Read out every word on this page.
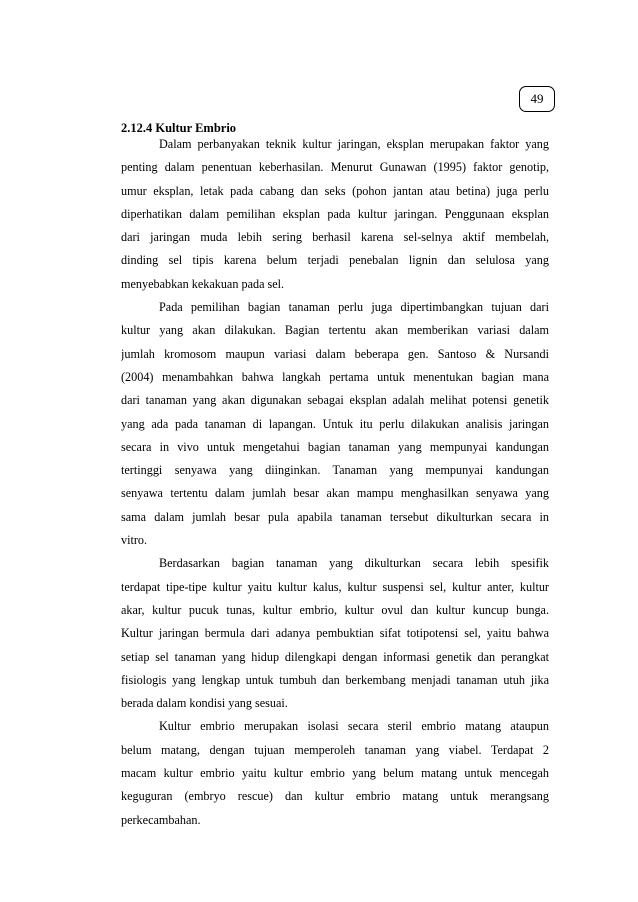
49
2.12.4 Kultur Embrio
Dalam perbanyakan teknik kultur jaringan, eksplan merupakan faktor yang
penting dalam penentuan keberhasilan. Menurut Gunawan (1995) faktor genotip,
umur eksplan, letak pada cabang dan seks (pohon jantan atau betina) juga perlu
diperhatikan dalam pemilihan eksplan pada kultur jaringan. Penggunaan eksplan
dari jaringan muda lebih sering berhasil karena sel-selnya aktif membelah,
dinding sel tipis karena belum terjadi penebalan lignin dan selulosa yang
menyebabkan kekakuan pada sel.
Pada pemilihan bagian tanaman perlu juga dipertimbangkan tujuan dari
kultur yang akan dilakukan. Bagian tertentu akan memberikan variasi dalam
jumlah kromosom maupun variasi dalam beberapa gen. Santoso & Nursandi
(2004) menambahkan bahwa langkah pertama untuk menentukan bagian mana
dari tanaman yang akan digunakan sebagai eksplan adalah melihat potensi genetik
yang ada pada tanaman di lapangan. Untuk itu perlu dilakukan analisis jaringan
secara in vivo untuk mengetahui bagian tanaman yang mempunyai kandungan
tertinggi senyawa yang diinginkan. Tanaman yang mempunyai kandungan
senyawa tertentu dalam jumlah besar akan mampu menghasilkan senyawa yang
sama dalam jumlah besar pula apabila tanaman tersebut dikulturkan secara in
vitro.
Berdasarkan bagian tanaman yang dikulturkan secara lebih spesifik
terdapat tipe-tipe kultur yaitu kultur kalus, kultur suspensi sel, kultur anter, kultur
akar, kultur pucuk tunas, kultur embrio, kultur ovul dan kultur kuncup bunga.
Kultur jaringan bermula dari adanya pembuktian sifat totipotensi sel, yaitu bahwa
setiap sel tanaman yang hidup dilengkapi dengan informasi genetik dan perangkat
fisiologis yang lengkap untuk tumbuh dan berkembang menjadi tanaman utuh jika
berada dalam kondisi yang sesuai.
Kultur embrio merupakan isolasi secara steril embrio matang ataupun
belum matang, dengan tujuan memperoleh tanaman yang viabel. Terdapat 2
macam kultur embrio yaitu kultur embrio yang belum matang untuk mencegah
keguguran (embryo rescue) dan kultur embrio matang untuk merangsang
perkecambahan.
